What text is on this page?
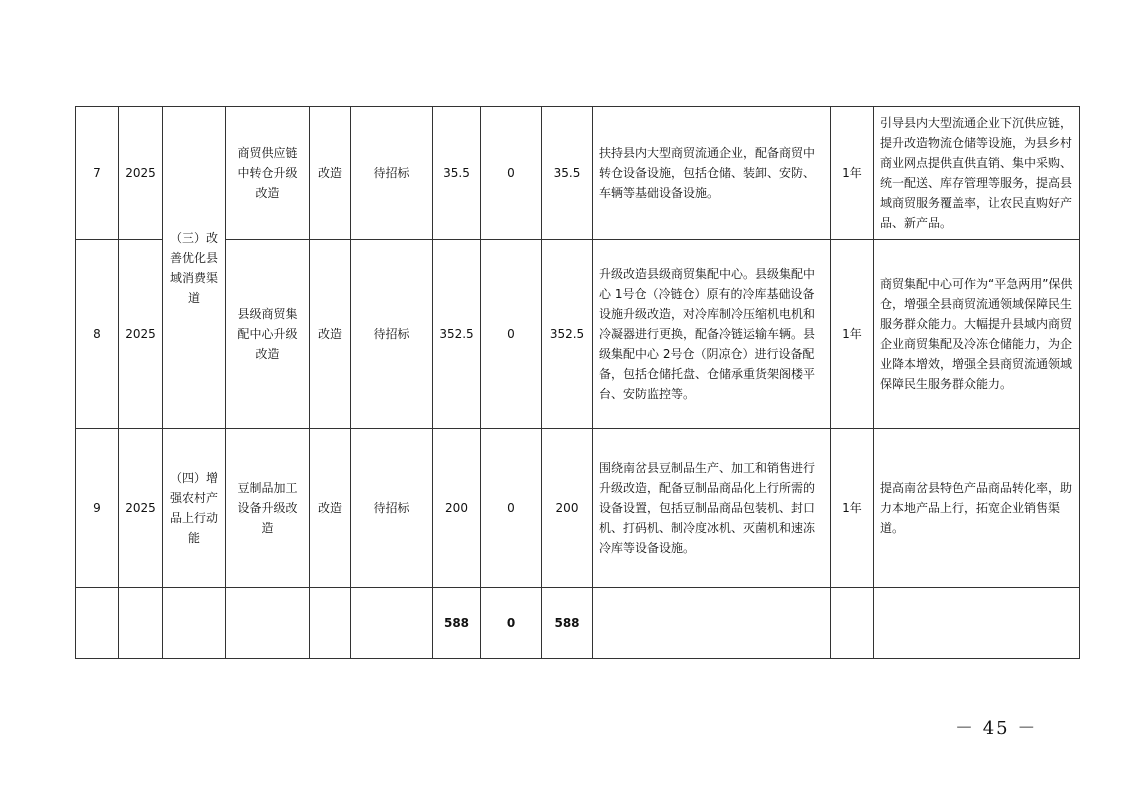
7	2025	（三）改善优化县域消费渠道	商贸供应链中转仓升级改造	改造	待招标	35.5	0	35.5	扶持县内大型商贸流通企业，配备商贸中转仓设备设施，包括仓储、装卸、安防、车辆等基础设备设施。	1年	引导县内大型流通企业下沉供应链，提升改造物流仓储等设施，为县乡村商业网点提供直供直销、集中采购、统一配送、库存管理等服务，提高县域商贸服务覆盖率，让农民直购好产品、新产品。
8	2025		县级商贸集配中心升级改造	改造	待招标	352.5	0	352.5	升级改造县级商贸集配中心。县级集配中心 1号仓（冷链仓）原有的冷库基础设备设施升级改造，对冷库制冷压缩机电机和冷凝器进行更换，配备冷链运输车辆。县级集配中心 2号仓（阴凉仓）进行设备配备，包括仓储托盘、仓储承重货架阁楼平台、安防监控等。	1年	商贸集配中心可作为“平急两用”保供仓，增强全县商贸流通领域保障民生服务群众能力。大幅提升县域内商贸企业商贸集配及冷冻仓储能力，为企业降本增效，增强全县商贸流通领域保障民生服务群众能力。
9	2025	（四）增强农村产品上行动能	豆制品加工设备升级改造	改造	待招标	200	0	200	围绕南岔县豆制品生产、加工和销售进行升级改造，配备豆制品商品化上行所需的设备设置，包括豆制品商品包装机、封口机、打码机、制冷度冰机、灭菌机和速冻冷库等设备设施。	1年	提高南岔县特色产品商品转化率，助力本地产品上行，拓宽企业销售渠道。
						588	0	588			
－ 45 －
